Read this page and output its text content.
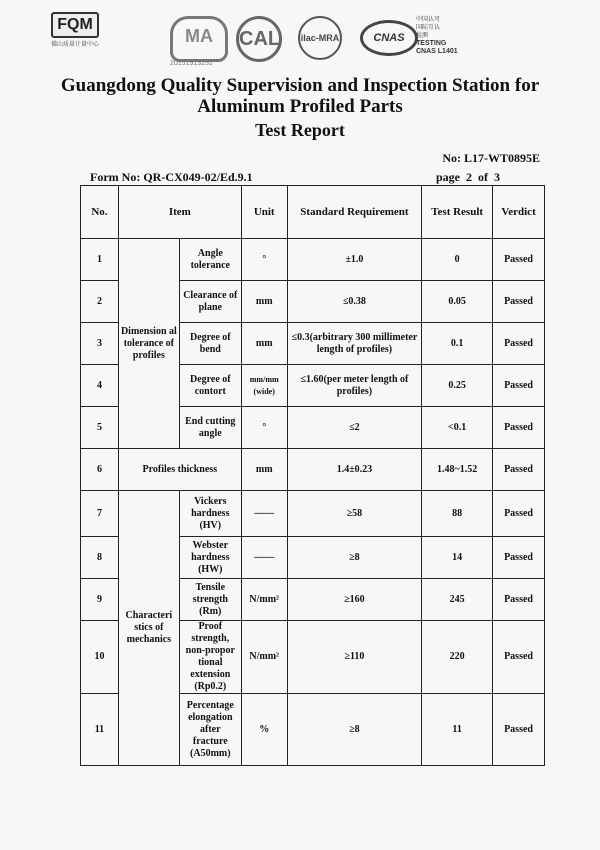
FQM
佛山质量计量中心	MA
20151913252
CAL	ilac-MRA	CNAS
中国认可
国际互认
检测
TESTING
CNAS L1401
Guangdong Quality Supervision and Inspection Station for
Aluminum Profiled Parts
Test Report
No: L17-WT0895E
Form No: QR-CX049-02/Ed.9.1	page 2 of 3
No.	Item		Unit	Standard Requirement	Test Result	Verdict
1	Dimension al tolerance of profiles	Angle tolerance	°	±1.0	0	Passed
2		Clearance of plane	mm	≤0.38	0.05	Passed
3		Degree of bend	mm	≤0.3(arbitrary 300 millimeter length of profiles)	0.1	Passed
4		Degree of contort	mm/mm (wide)	≤1.60(per meter length of profiles)	0.25	Passed
5		End cutting angle	°	≤2	<0.1	Passed
6	Profiles thickness		mm	1.4±0.23	1.48~1.52	Passed
7	Characteri stics of mechanics	Vickers hardness (HV)	——	≥58	88	Passed
8		Webster hardness (HW)	——	≥8	14	Passed
9		Tensile strength (Rm)	N/mm²	≥160	245	Passed
10		Proof strength, non-propor tional extension (Rp0.2)	N/mm²	≥110	220	Passed
11		Percentage elongation after fracture (A50mm)	%	≥8	11	Passed
